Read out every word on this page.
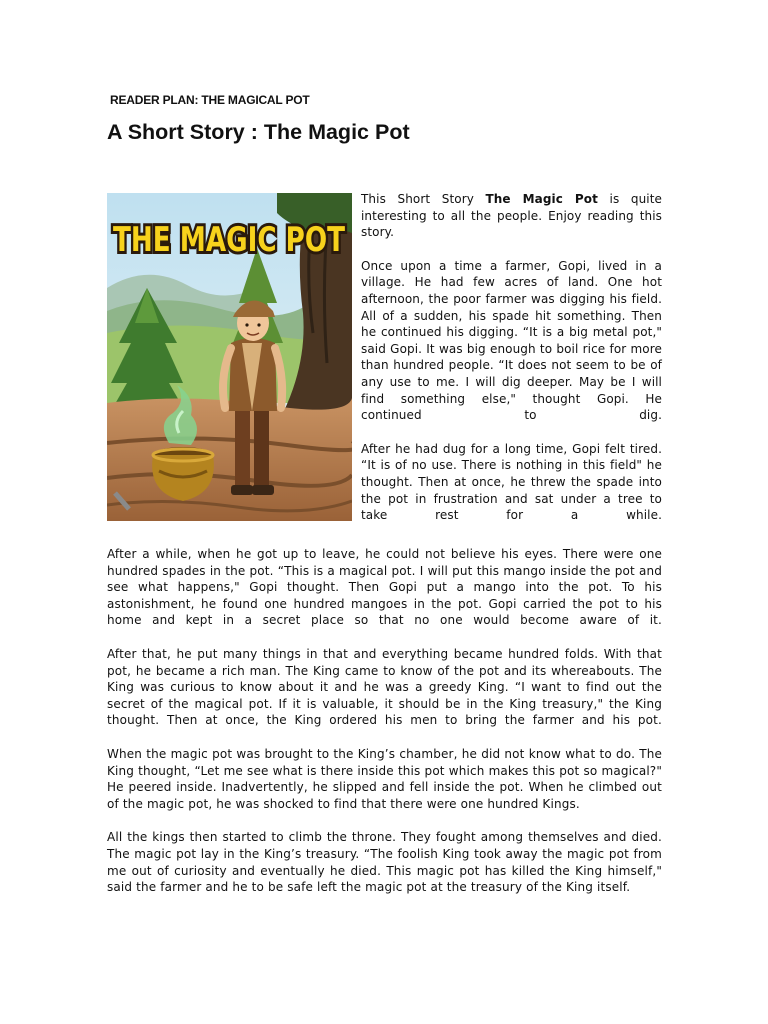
READER PLAN: THE MAGICAL POT
A Short Story : The Magic Pot
THE MAGIC POT

This Short Story The Magic Pot is quite interesting to all the people. Enjoy reading this story.

Once upon a time a farmer, Gopi, lived in a village. He had few acres of land. One hot afternoon, the poor farmer was digging his field. All of a sudden, his spade hit something. Then he continued his digging. “It is a big metal pot," said Gopi. It was big enough to boil rice for more than hundred people. “It does not seem to be of any use to me. I will dig deeper. May be I will find something else," thought Gopi. He continued to dig.

After he had dug for a long time, Gopi felt tired. “It is of no use. There is nothing in this field" he thought. Then at once, he threw the spade into the pot in frustration and sat under a tree to take rest for a while.

After a while, when he got up to leave, he could not believe his eyes. There were one hundred spades in the pot. “This is a magical pot. I will put this mango inside the pot and see what happens," Gopi thought. Then Gopi put a mango into the pot. To his astonishment, he found one hundred mangoes in the pot. Gopi carried the pot to his home and kept in a secret place so that no one would become aware of it.

After that, he put many things in that and everything became hundred folds. With that pot, he became a rich man. The King came to know of the pot and its whereabouts. The King was curious to know about it and he was a greedy King. “I want to find out the secret of the magical pot. If it is valuable, it should be in the King treasury," the King thought. Then at once, the King ordered his men to bring the farmer and his pot.

When the magic pot was brought to the King’s chamber, he did not know what to do. The King thought, “Let me see what is there inside this pot which makes this pot so magical?" He peered inside. Inadvertently, he slipped and fell inside the pot. When he climbed out of the magic pot, he was shocked to find that there were one hundred Kings.

All the kings then started to climb the throne. They fought among themselves and died. The magic pot lay in the King’s treasury. “The foolish King took away the magic pot from me out of curiosity and eventually he died. This magic pot has killed the King himself," said the farmer and he to be safe left the magic pot at the treasury of the King itself.
